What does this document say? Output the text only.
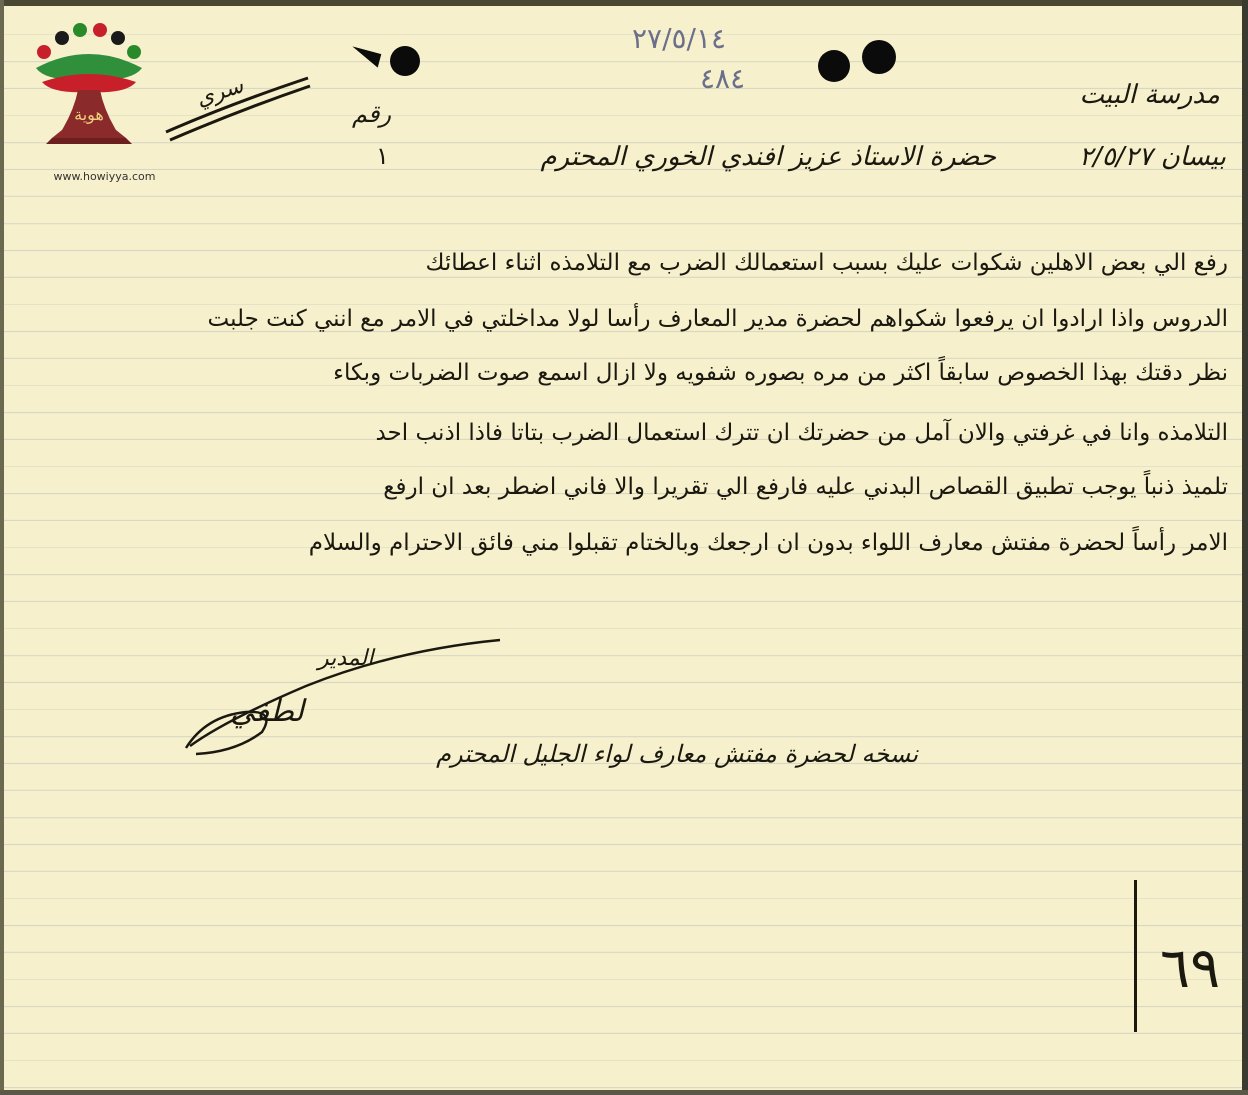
هوية
www.howiyya.com
٢٧/٥/١٤
٤٨٤	مدرسة البيت
بيسان ٢/٥/٢٧
حضرة الاستاذ عزيز افندي الخوري المحترم
رقم
١
سري
رفع الي بعض الاهلين شكوات عليك بسبب استعمالك الضرب مع التلامذه اثناء اعطائك
الدروس واذا ارادوا ان يرفعوا شكواهم لحضرة مدير المعارف رأسا لولا مداخلتي في الامر مع انني كنت جلبت
نظر دقتك بهذا الخصوص سابقاً اكثر من مره بصوره شفويه ولا ازال اسمع صوت الضربات وبكاء
التلامذه وانا في غرفتي والان آمل من حضرتك ان تترك استعمال الضرب بتاتا فاذا اذنب احد
تلميذ ذنباً يوجب تطبيق القصاص البدني عليه فارفع الي تقريرا والا فاني اضطر بعد ان ارفع
الامر رأساً لحضرة مفتش معارف اللواء بدون ان ارجعك وبالختام تقبلوا مني فائق الاحترام والسلام
المدير
لطفي
نسخه لحضرة مفتش معارف لواء الجليل المحترم
٦٩
